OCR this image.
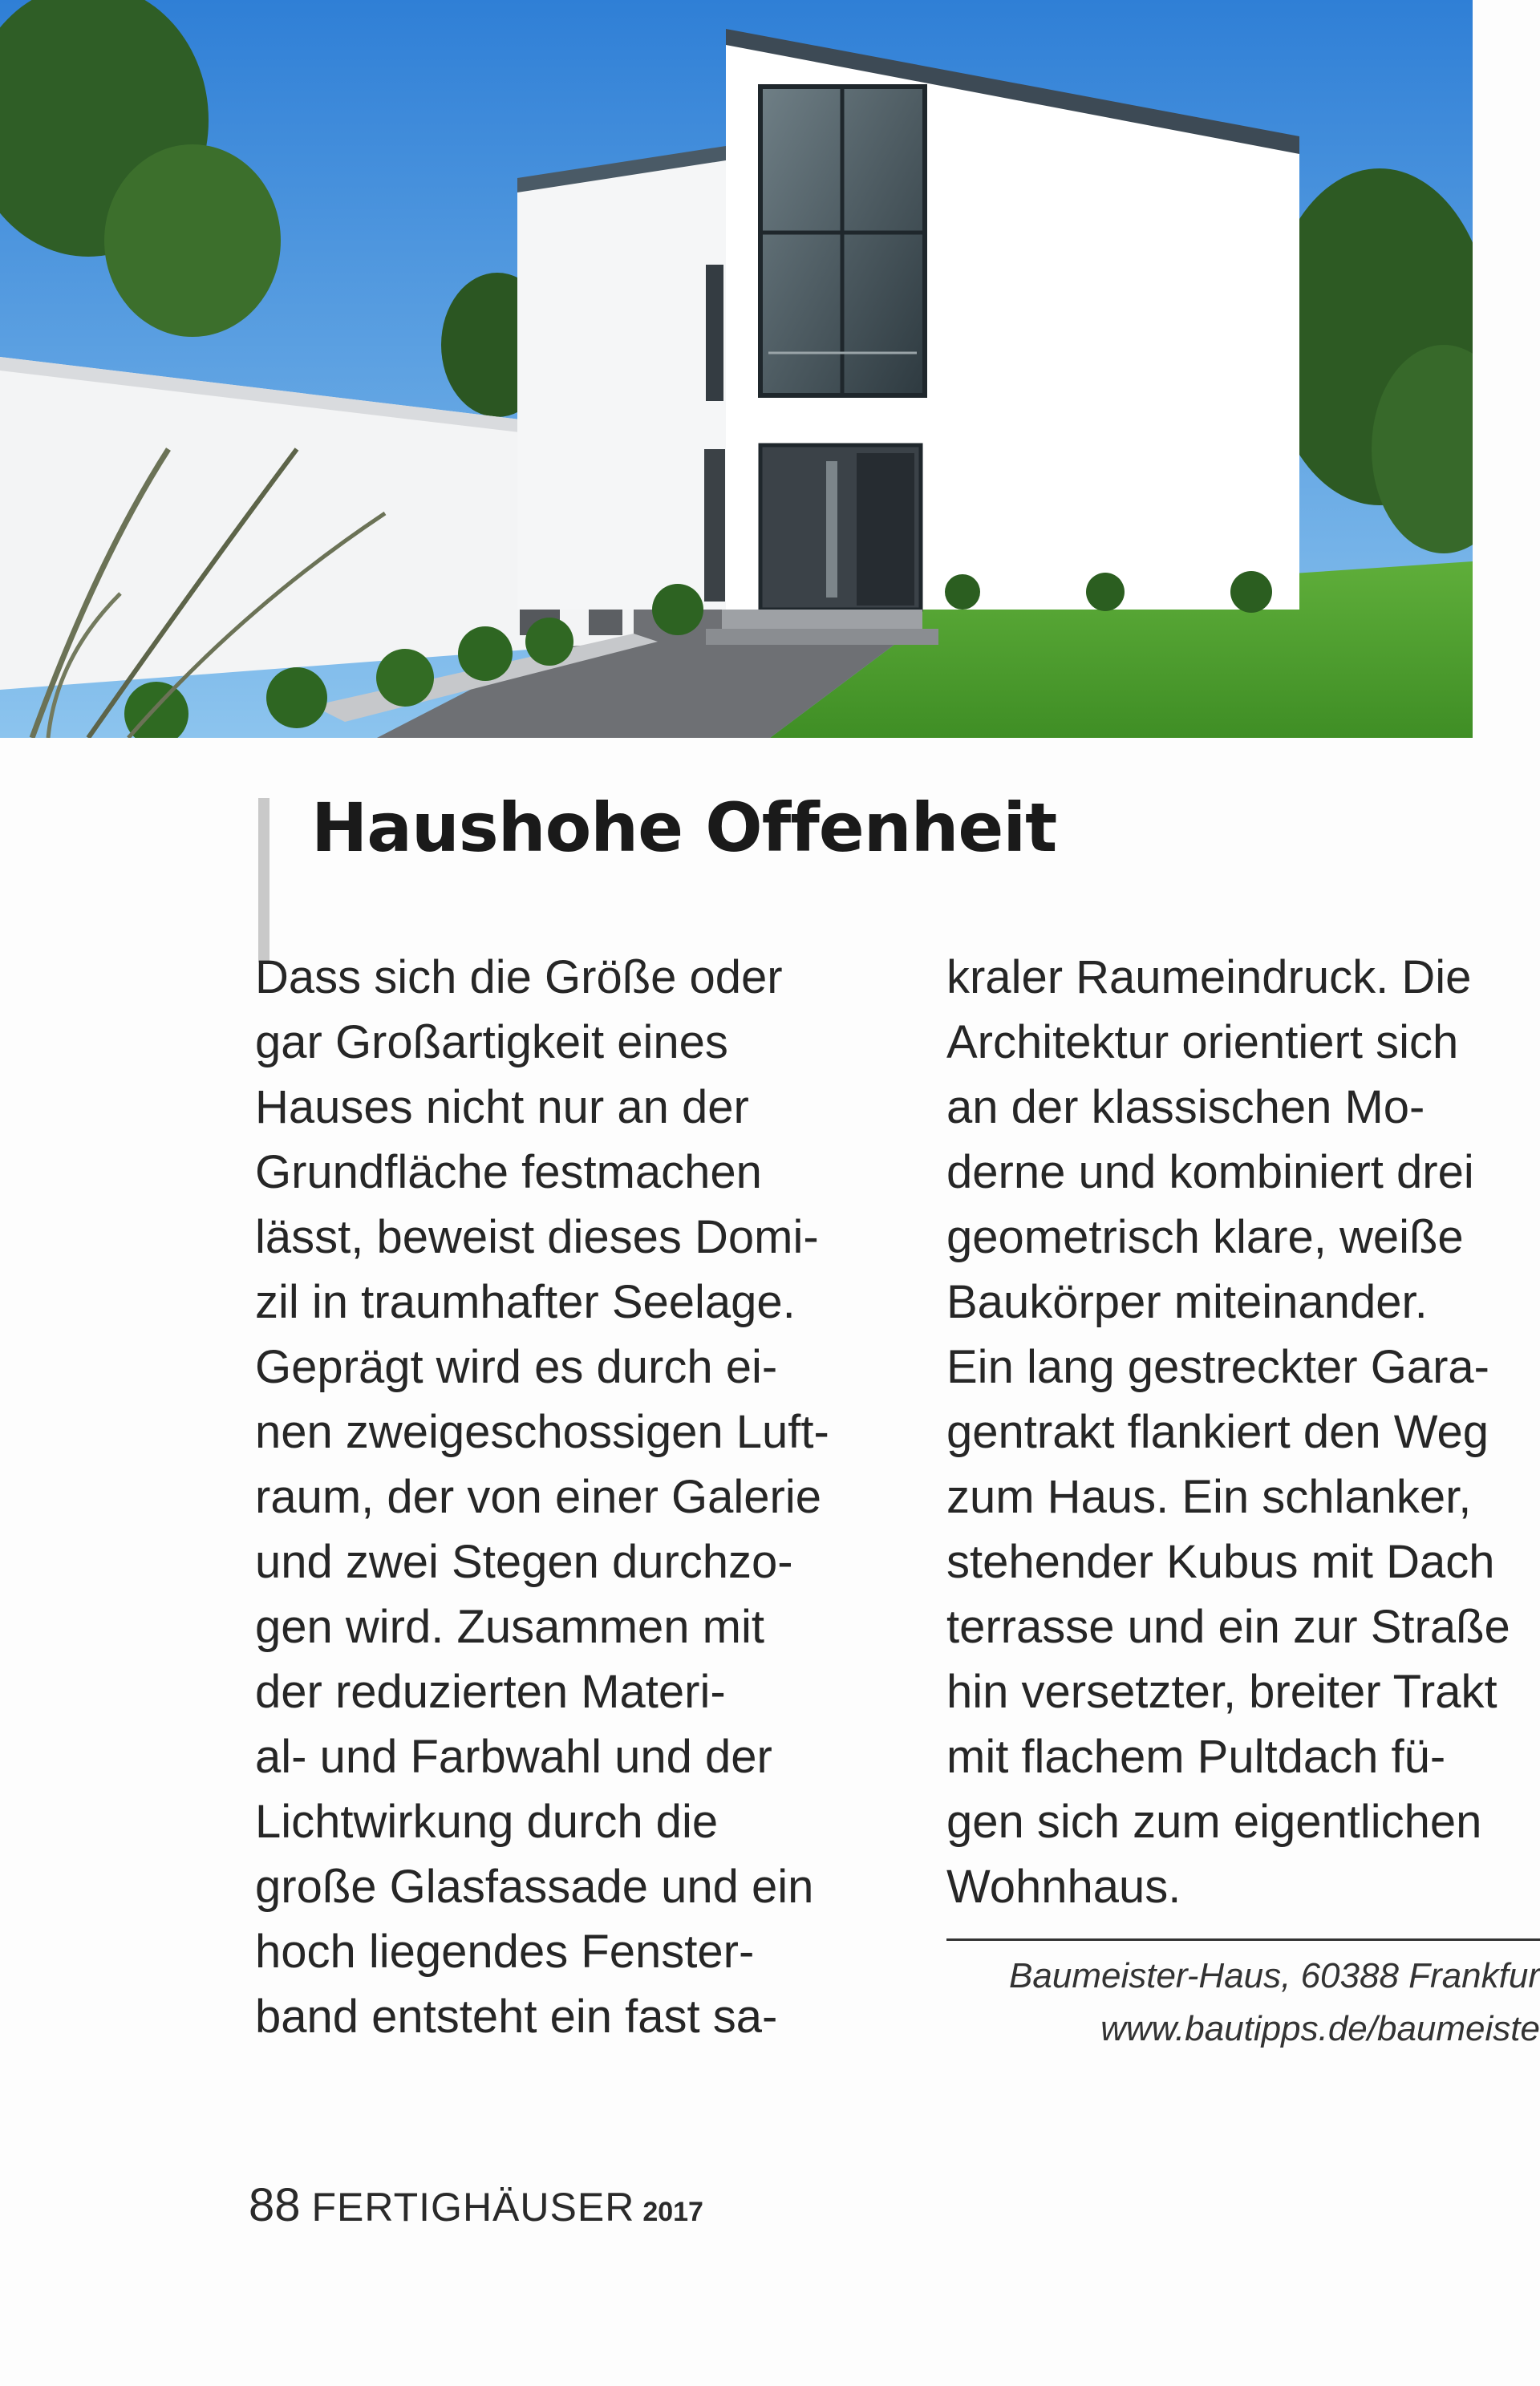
Haushohe Offenheit

Dass sich die Größe oder
gar Großartigkeit eines
Hauses nicht nur an der
Grundfläche festmachen
lässt, beweist dieses Domi-
zil in traumhafter Seelage.
Geprägt wird es durch ei-
nen zweigeschossigen Luft-
raum, der von einer Galerie
und zwei Stegen durchzo-
gen wird. Zusammen mit
der reduzierten Materi-
al- und Farbwahl und der
Lichtwirkung durch die
große Glasfassade und ein
hoch liegendes Fenster-
band entsteht ein fast sa-

kraler Raumeindruck. Die
Architektur orientiert sich
an der klassischen Mo-
derne und kombiniert drei
geometrisch klare, weiße
Baukörper miteinander.
Ein lang gestreckter Gara-
gentrakt flankiert den Weg
zum Haus. Ein schlanker,
stehender Kubus mit Dach
terrasse und ein zur Straße
hin versetzter, breiter Trakt
mit flachem Pultdach fü-
gen sich zum eigentlichen
Wohnhaus.

Baumeister-Haus, 60388 Frankfur
www.bautipps.de/baumeiste

88 FERTIGHÄUSER 2017
